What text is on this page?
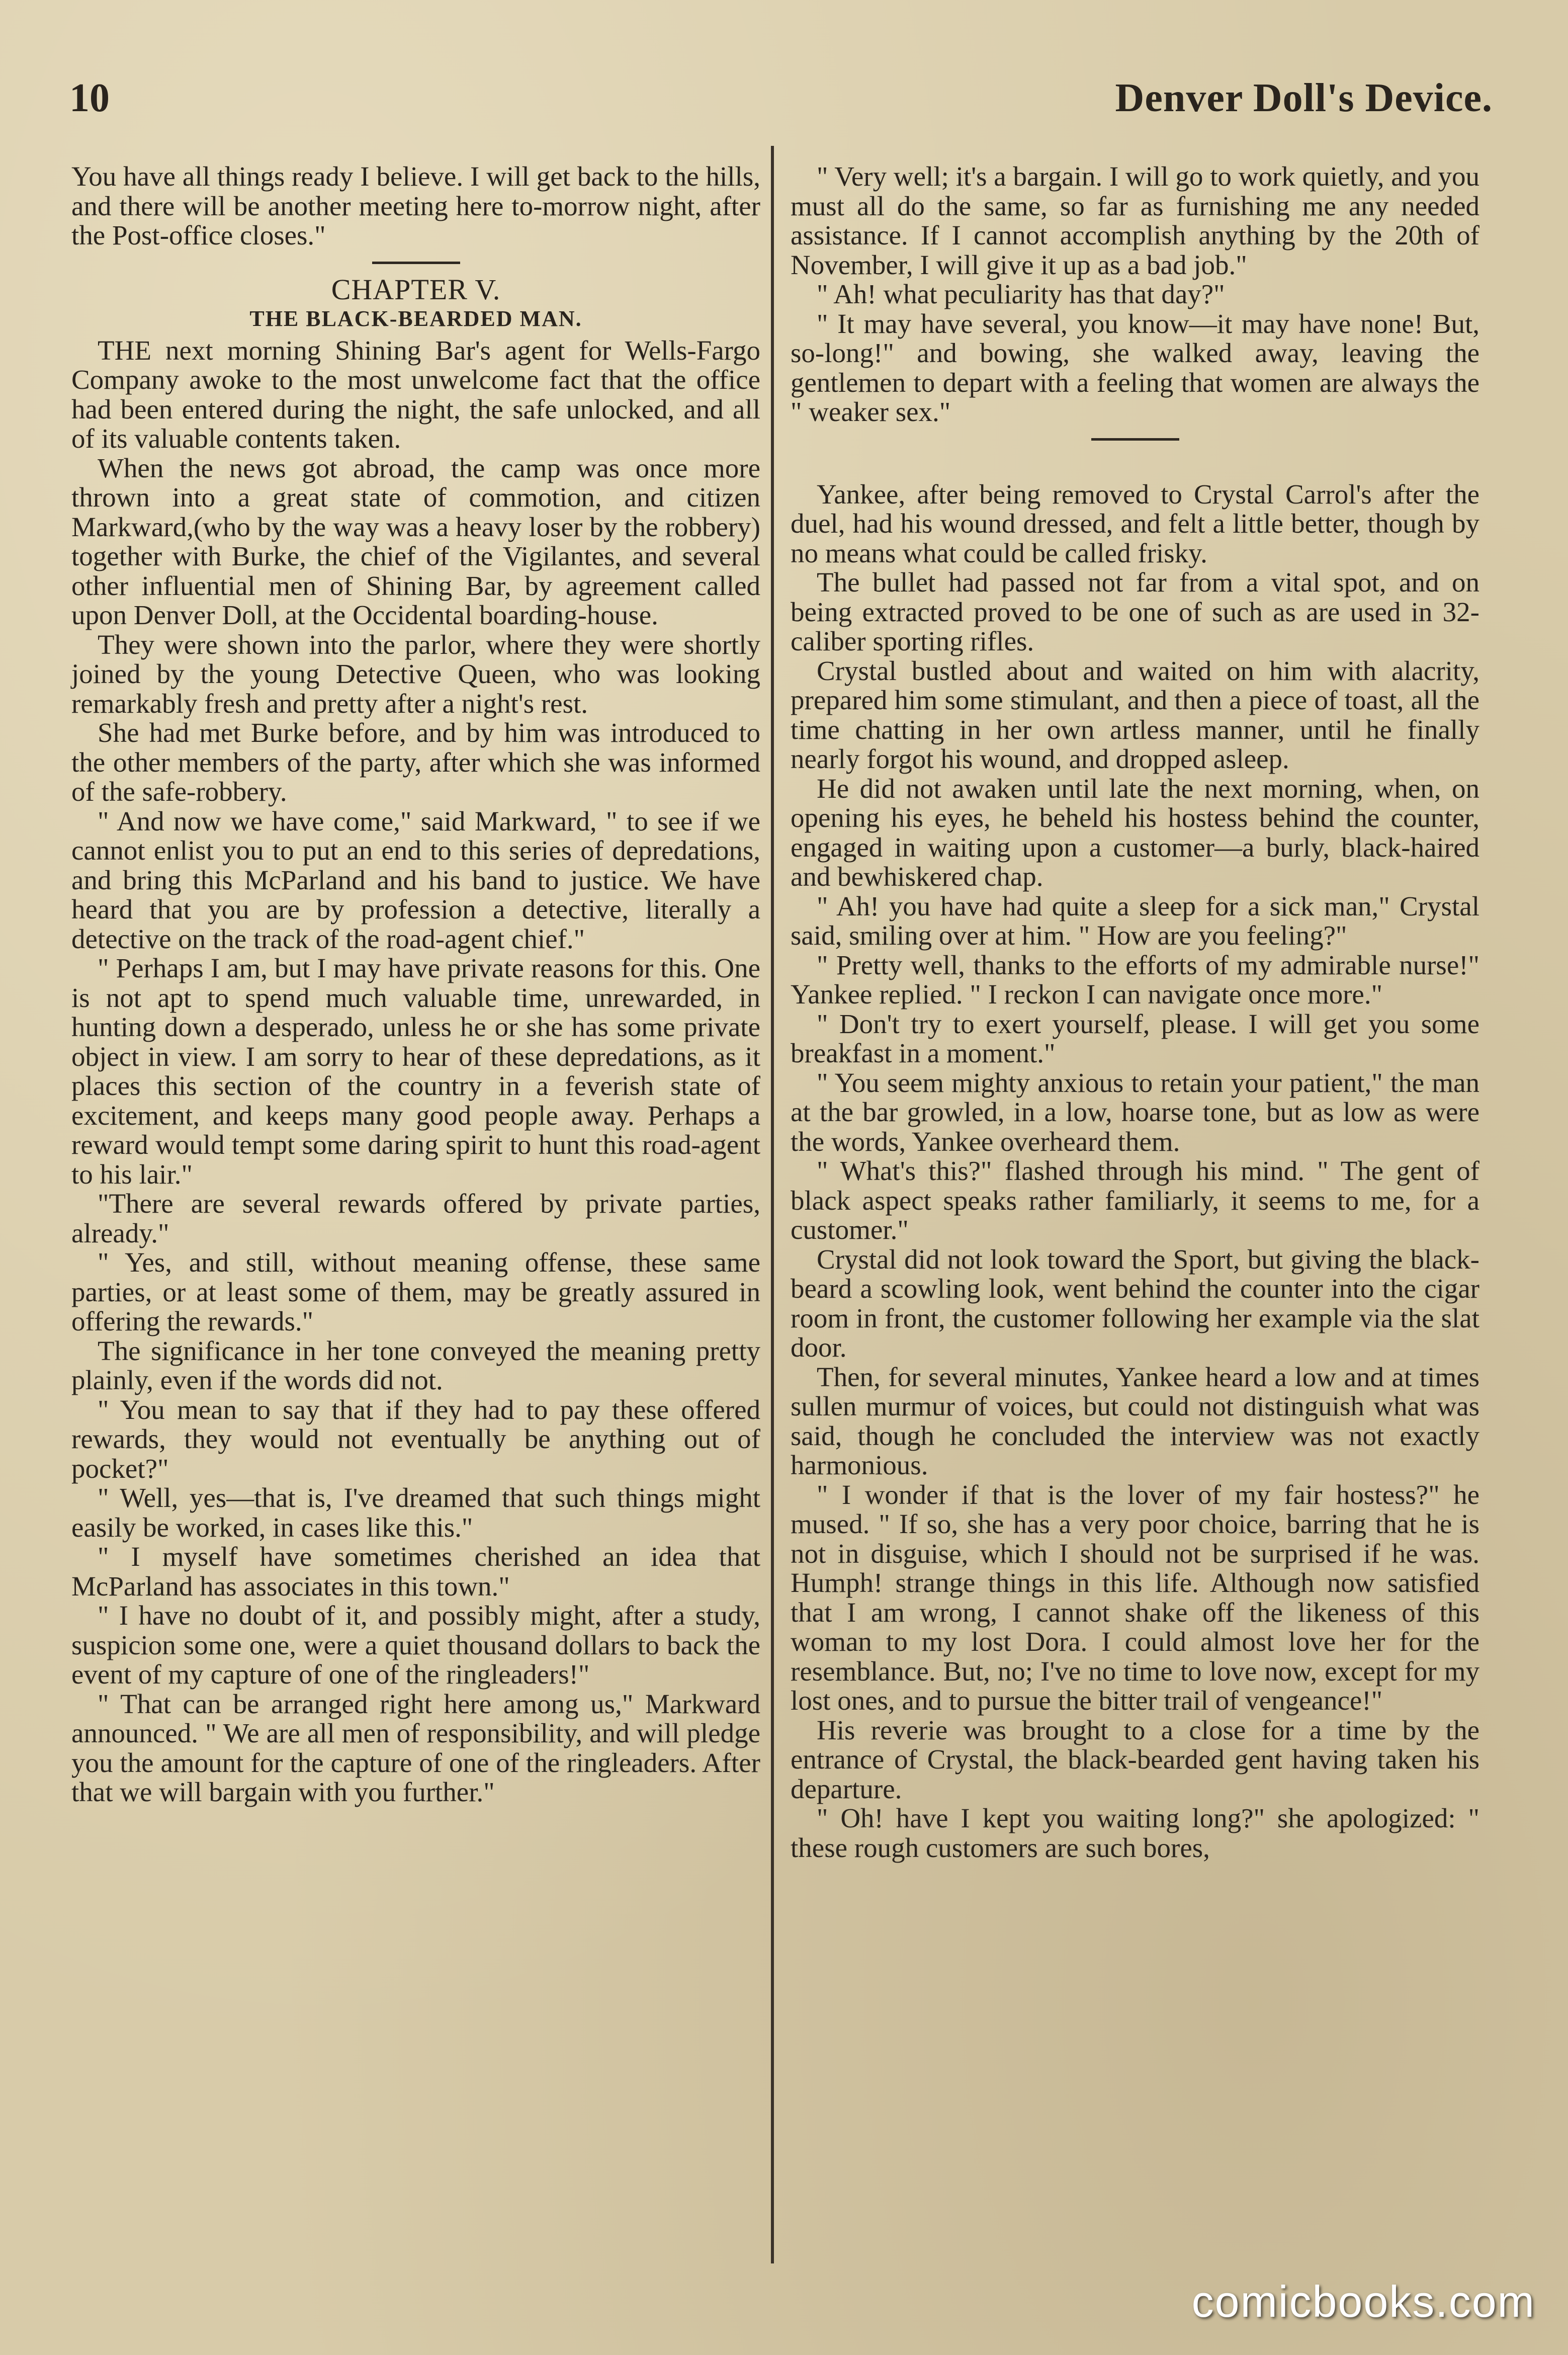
10	Denver Doll's Device.

You have all things ready I believe. I will get back to the hills, and there will be another meeting here to-morrow night, after the Post-office closes."

CHAPTER V.
THE BLACK-BEARDED MAN.

THE next morning Shining Bar's agent for Wells-Fargo Company awoke to the most unwelcome fact that the office had been entered during the night, the safe unlocked, and all of its valuable contents taken.

When the news got abroad, the camp was once more thrown into a great state of commotion, and citizen Markward,(who by the way was a heavy loser by the robbery) together with Burke, the chief of the Vigilantes, and several other influential men of Shining Bar, by agreement called upon Denver Doll, at the Occidental boarding-house.

They were shown into the parlor, where they were shortly joined by the young Detective Queen, who was looking remarkably fresh and pretty after a night's rest.

She had met Burke before, and by him was introduced to the other members of the party, after which she was informed of the safe-robbery.

" And now we have come," said Markward, " to see if we cannot enlist you to put an end to this series of depredations, and bring this McParland and his band to justice. We have heard that you are by profession a detective, literally a detective on the track of the road-agent chief."

" Perhaps I am, but I may have private reasons for this. One is not apt to spend much valuable time, unrewarded, in hunting down a desperado, unless he or she has some private object in view. I am sorry to hear of these depredations, as it places this section of the country in a feverish state of excitement, and keeps many good people away. Perhaps a reward would tempt some daring spirit to hunt this road-agent to his lair."

"There are several rewards offered by private parties, already."

" Yes, and still, without meaning offense, these same parties, or at least some of them, may be greatly assured in offering the rewards."

The significance in her tone conveyed the meaning pretty plainly, even if the words did not.

" You mean to say that if they had to pay these offered rewards, they would not eventually be anything out of pocket?"

" Well, yes—that is, I've dreamed that such things might easily be worked, in cases like this."

" I myself have sometimes cherished an idea that McParland has associates in this town."

" I have no doubt of it, and possibly might, after a study, suspicion some one, were a quiet thousand dollars to back the event of my capture of one of the ringleaders!"

" That can be arranged right here among us," Markward announced. " We are all men of responsibility, and will pledge you the amount for the capture of one of the ringleaders. After that we will bargain with you further."

" Very well; it's a bargain. I will go to work quietly, and you must all do the same, so far as furnishing me any needed assistance. If I cannot accomplish anything by the 20th of November, I will give it up as a bad job."

" Ah! what peculiarity has that day?"

" It may have several, you know—it may have none! But, so-long!" and bowing, she walked away, leaving the gentlemen to depart with a feeling that women are always the " weaker sex."

Yankee, after being removed to Crystal Carrol's after the duel, had his wound dressed, and felt a little better, though by no means what could be called frisky.

The bullet had passed not far from a vital spot, and on being extracted proved to be one of such as are used in 32-caliber sporting rifles.

Crystal bustled about and waited on him with alacrity, prepared him some stimulant, and then a piece of toast, all the time chatting in her own artless manner, until he finally nearly forgot his wound, and dropped asleep.

He did not awaken until late the next morning, when, on opening his eyes, he beheld his hostess behind the counter, engaged in waiting upon a customer—a burly, black-haired and bewhiskered chap.

" Ah! you have had quite a sleep for a sick man," Crystal said, smiling over at him. " How are you feeling?"

" Pretty well, thanks to the efforts of my admirable nurse!" Yankee replied. " I reckon I can navigate once more."

" Don't try to exert yourself, please. I will get you some breakfast in a moment."

" You seem mighty anxious to retain your patient," the man at the bar growled, in a low, hoarse tone, but as low as were the words, Yankee overheard them.

" What's this?" flashed through his mind. " The gent of black aspect speaks rather familiarly, it seems to me, for a customer."

Crystal did not look toward the Sport, but giving the black-beard a scowling look, went behind the counter into the cigar room in front, the customer following her example via the slat door.

Then, for several minutes, Yankee heard a low and at times sullen murmur of voices, but could not distinguish what was said, though he concluded the interview was not exactly harmonious.

" I wonder if that is the lover of my fair hostess?" he mused. " If so, she has a very poor choice, barring that he is not in disguise, which I should not be surprised if he was. Humph! strange things in this life. Although now satisfied that I am wrong, I cannot shake off the likeness of this woman to my lost Dora. I could almost love her for the resemblance. But, no; I've no time to love now, except for my lost ones, and to pursue the bitter trail of vengeance!"

His reverie was brought to a close for a time by the entrance of Crystal, the black-bearded gent having taken his departure.

" Oh! have I kept you waiting long?" she apologized: " these rough customers are such bores,

comicbooks.com
